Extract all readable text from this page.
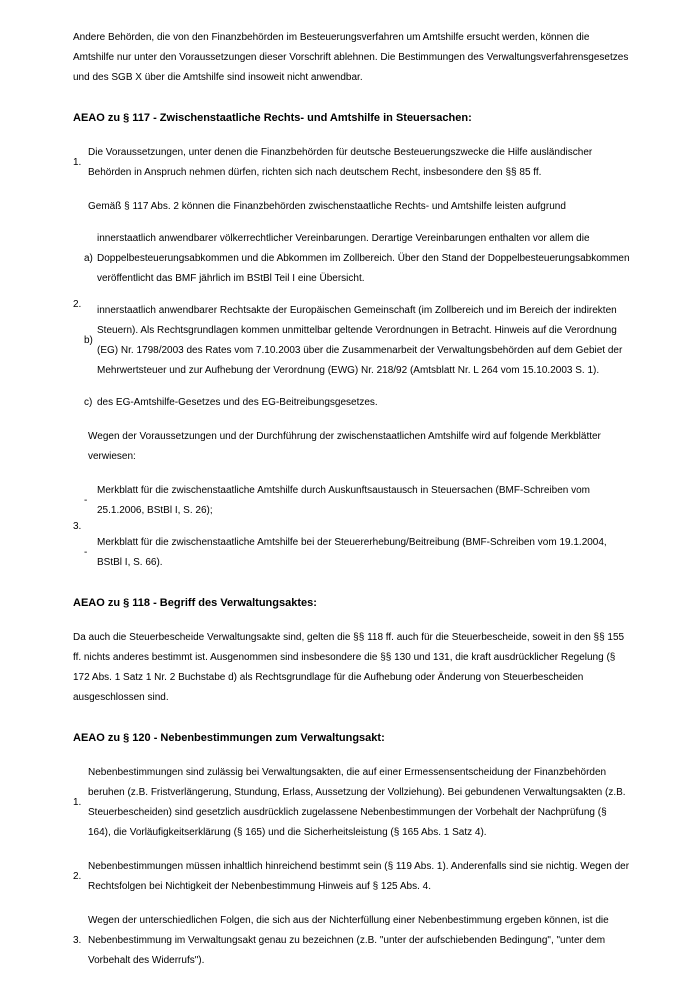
Andere Behörden, die von den Finanzbehörden im Besteuerungsverfahren um Amtshilfe ersucht werden, können die Amtshilfe nur unter den Voraussetzungen dieser Vorschrift ablehnen. Die Bestimmungen des Verwaltungsverfahrensgesetzes und des SGB X über die Amtshilfe sind insoweit nicht anwendbar.

AEAO zu § 117 - Zwischenstaatliche Rechts- und Amtshilfe in Steuersachen:
1.

Die Voraussetzungen, unter denen die Finanzbehörden für deutsche Besteuerungszwecke die Hilfe ausländischer Behörden in Anspruch nehmen dürfen, richten sich nach deutschem Recht, insbesondere den §§ 85 ff.

2.

Gemäß § 117 Abs. 2 können die Finanzbehörden zwischenstaatliche Rechts- und Amtshilfe leisten aufgrund

a)

innerstaatlich anwendbarer völkerrechtlicher Vereinbarungen. Derartige Vereinbarungen enthalten vor allem die Doppelbesteuerungsabkommen und die Abkommen im Zollbereich. Über den Stand der Doppelbesteuerungsabkommen veröffentlicht das BMF jährlich im BStBl Teil I eine Übersicht.

b)

innerstaatlich anwendbarer Rechtsakte der Europäischen Gemeinschaft (im Zollbereich und im Bereich der indirekten Steuern). Als Rechtsgrundlagen kommen unmittelbar geltende Verordnungen in Betracht. Hinweis auf die Verordnung (EG) Nr. 1798/2003 des Rates vom 7.10.2003 über die Zusammenarbeit der Verwaltungsbehörden auf dem Gebiet der Mehrwertsteuer und zur Aufhebung der Verordnung (EWG) Nr. 218/92 (Amtsblatt Nr. L 264 vom 15.10.2003 S. 1).

c) des EG-Amtshilfe-Gesetzes und des EG-Beitreibungsgesetzes.

Wegen der Voraussetzungen und der Durchführung der zwischenstaatlichen Amtshilfe wird auf folgende Merkblätter verwiesen:

3.
-

Merkblatt für die zwischenstaatliche Amtshilfe durch Auskunftsaustausch in Steuersachen (BMF-Schreiben vom 25.1.2006, BStBl I, S. 26);

-

Merkblatt für die zwischenstaatliche Amtshilfe bei der Steuererhebung/Beitreibung (BMF-Schreiben vom 19.1.2004, BStBl I, S. 66).

AEAO zu § 118 - Begriff des Verwaltungsaktes:

Da auch die Steuerbescheide Verwaltungsakte sind, gelten die §§ 118 ff. auch für die Steuerbescheide, soweit in den §§ 155 ff. nichts anderes bestimmt ist. Ausgenommen sind insbesondere die §§ 130 und 131, die kraft ausdrücklicher Regelung (§ 172 Abs. 1 Satz 1 Nr. 2 Buchstabe d) als Rechtsgrundlage für die Aufhebung oder Änderung von Steuerbescheiden ausgeschlossen sind.

AEAO zu § 120 - Nebenbestimmungen zum Verwaltungsakt:
1.

Nebenbestimmungen sind zulässig bei Verwaltungsakten, die auf einer Ermessensentscheidung der Finanzbehörden beruhen (z.B. Fristverlängerung, Stundung, Erlass, Aussetzung der Vollziehung). Bei gebundenen Verwaltungsakten (z.B. Steuerbescheiden) sind gesetzlich ausdrücklich zugelassene Nebenbestimmungen der Vorbehalt der Nachprüfung (§ 164), die Vorläufigkeitserklärung (§ 165) und die Sicherheitsleistung (§ 165 Abs. 1 Satz 4).

2.

Nebenbestimmungen müssen inhaltlich hinreichend bestimmt sein (§ 119 Abs. 1). Anderenfalls sind sie nichtig. Wegen der Rechtsfolgen bei Nichtigkeit der Nebenbestimmung Hinweis auf § 125 Abs. 4.

3.

Wegen der unterschiedlichen Folgen, die sich aus der Nichterfüllung einer Nebenbestimmung ergeben können, ist die Nebenbestimmung im Verwaltungsakt genau zu bezeichnen (z.B. "unter der aufschiebenden Bedingung", "unter dem Vorbehalt des Widerrufs").
